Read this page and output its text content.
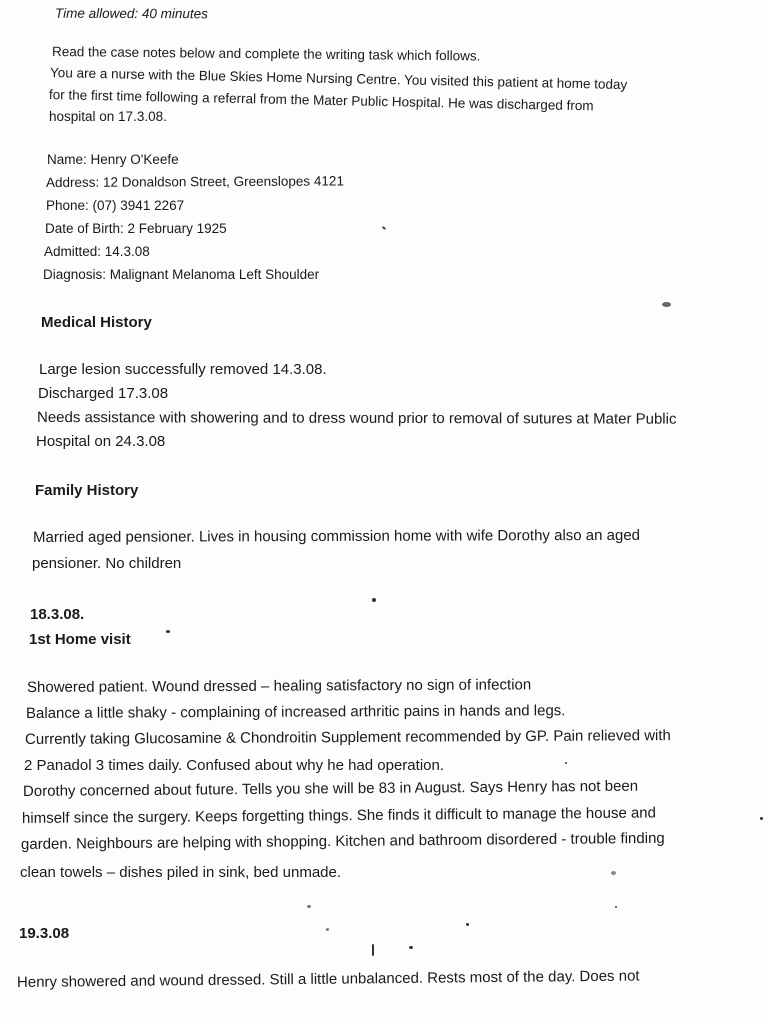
Time allowed: 40 minutes
Read the case notes below and complete the writing task which follows.
You are a nurse with the Blue Skies Home Nursing Centre. You visited this patient at home today
for the first time following a referral from the Mater Public Hospital. He was discharged from
hospital on 17.3.08.
Name: Henry O'Keefe
Address: 12 Donaldson Street, Greenslopes 4121
Phone: (07) 3941 2267
Date of Birth: 2 February 1925
Admitted: 14.3.08
Diagnosis: Malignant Melanoma Left Shoulder
Medical History
Large lesion successfully removed 14.3.08.
Discharged 17.3.08
Needs assistance with showering and to dress wound prior to removal of sutures at Mater Public
Hospital on 24.3.08
Family History
Married aged pensioner. Lives in housing commission home with wife Dorothy also an aged
pensioner. No children
18.3.08.
1st Home visit
Showered patient. Wound dressed – healing satisfactory no sign of infection
Balance a little shaky - complaining of increased arthritic pains in hands and legs.
Currently taking Glucosamine & Chondroitin Supplement recommended by GP. Pain relieved with
2 Panadol 3 times daily. Confused about why he had operation.
Dorothy concerned about future. Tells you she will be 83 in August. Says Henry has not been
himself since the surgery. Keeps forgetting things. She finds it difficult to manage the house and
garden. Neighbours are helping with shopping. Kitchen and bathroom disordered - trouble finding
clean towels – dishes piled in sink, bed unmade.
19.3.08
Henry showered and wound dressed. Still a little unbalanced. Rests most of the day. Does not
